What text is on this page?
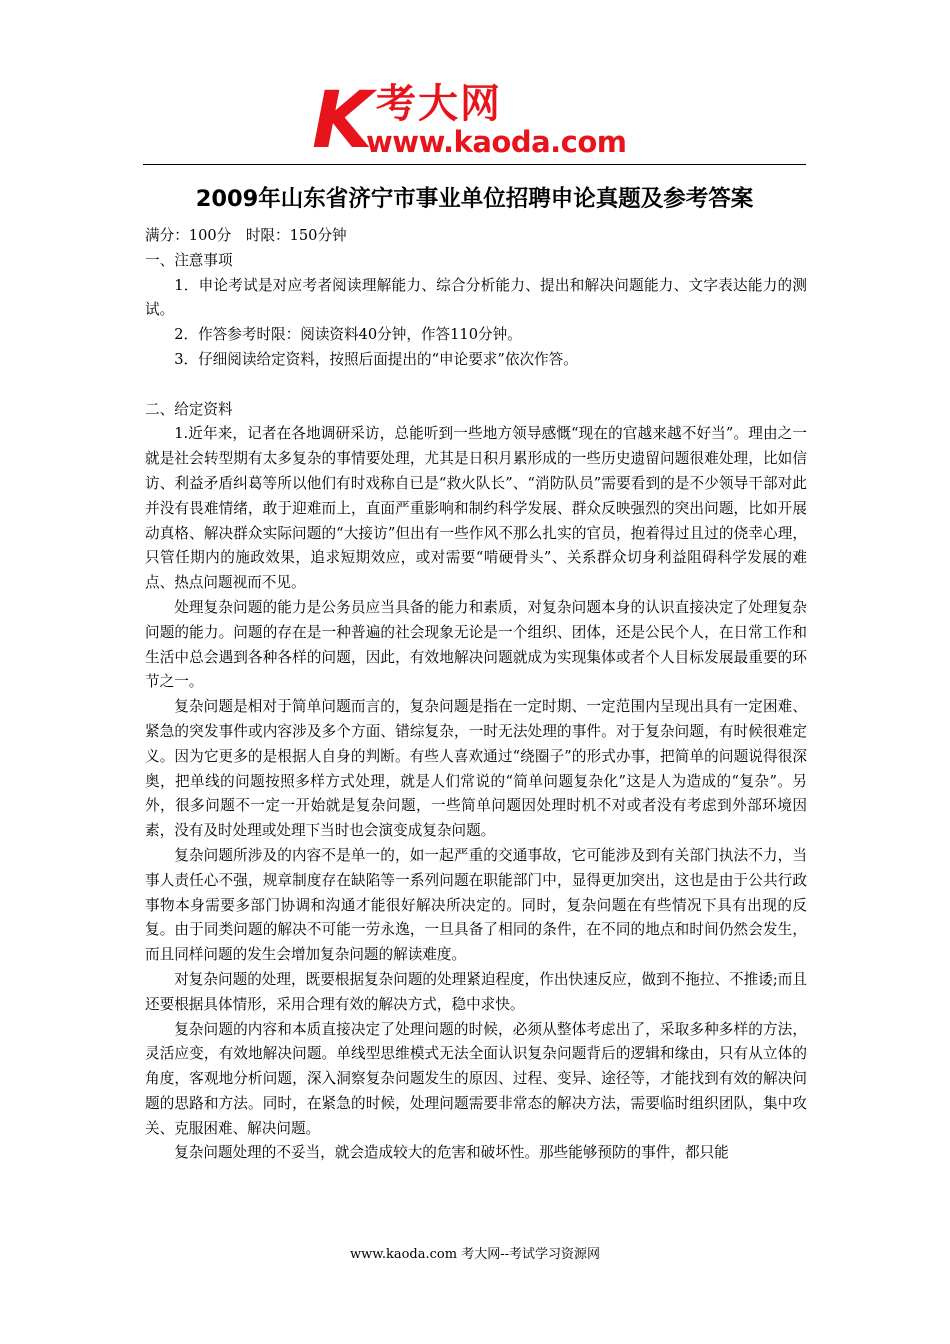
K 考大网
www.kaoda.com
2009年山东省济宁市事业单位招聘申论真题及参考答案

满分：100分　时限：150分钟

一、注意事项

1．申论考试是对应考者阅读理解能力、综合分析能力、提出和解决问题能力、文字表达能力的测试。

2．作答参考时限：阅读资料40分钟，作答110分钟。

3．仔细阅读给定资料，按照后面提出的“申论要求”依次作答。

二、给定资料

1.近年来，记者在各地调研采访，总能听到一些地方领导感慨“现在的官越来越不好当”。理由之一就是社会转型期有太多复杂的事情要处理，尤其是日积月累形成的一些历史遗留问题很难处理，比如信访、利益矛盾纠葛等所以他们有时戏称自已是“救火队长”、“消防队员”需要看到的是不少领导干部对此并没有畏难情绪，敢于迎难而上，直面严重影响和制约科学发展、群众反映强烈的突出问题，比如开展动真格、解决群众实际问题的“大接访”但出有一些作风不那么扎实的官员，抱着得过且过的侥幸心理，只管任期内的施政效果，追求短期效应，或对需要“啃硬骨头”、关系群众切身利益阻碍科学发展的难点、热点问题视而不见。

处理复杂问题的能力是公务员应当具备的能力和素质，对复杂问题本身的认识直接决定了处理复杂问题的能力。问题的存在是一种普遍的社会现象无论是一个组织、团体，还是公民个人，在日常工作和生活中总会遇到各种各样的问题，因此，有效地解决问题就成为实现集体或者个人目标发展最重要的环节之一。

复杂问题是相对于简单问题而言的，复杂问题是指在一定时期、一定范围内呈现出具有一定困难、紧急的突发事件或内容涉及多个方面、错综复杂，一时无法处理的事件。对于复杂问题，有时候很难定义。因为它更多的是根据人自身的判断。有些人喜欢通过“绕圈子”的形式办事，把简单的问题说得很深奥，把单线的问题按照多样方式处理，就是人们常说的“简单问题复杂化”这是人为造成的“复杂”。另外，很多问题不一定一开始就是复杂问题，一些简单问题因处理时机不对或者没有考虑到外部环境因素，没有及时处理或处理下当时也会演变成复杂问题。

复杂问题所涉及的内容不是单一的，如一起严重的交通事故，它可能涉及到有关部门执法不力，当事人责任心不强，规章制度存在缺陷等一系列问题在职能部门中，显得更加突出，这也是由于公共行政事物本身需要多部门协调和沟通才能很好解决所决定的。同时，复杂问题在有些情况下具有出现的反复。由于同类问题的解决不可能一劳永逸，一旦具备了相同的条件，在不同的地点和时间仍然会发生，而且同样问题的发生会增加复杂问题的解读难度。

对复杂问题的处理，既要根据复杂问题的处理紧迫程度，作出快速反应，做到不拖拉、不推诿;而且还要根据具体情形，采用合理有效的解决方式，稳中求快。

复杂问题的内容和本质直接决定了处理问题的时候，必须从整体考虑出了，采取多种多样的方法，灵活应变，有效地解决问题。单线型思维模式无法全面认识复杂问题背后的逻辑和缘由，只有从立体的角度，客观地分析问题，深入洞察复杂问题发生的原因、过程、变异、途径等，才能找到有效的解决问题的思路和方法。同时，在紧急的时候，处理问题需要非常态的解决方法，需要临时组织团队，集中攻关、克服困难、解决问题。

复杂问题处理的不妥当，就会造成较大的危害和破坏性。那些能够预防的事件，都只能

www.kaoda.com 考大网--考试学习资源网
